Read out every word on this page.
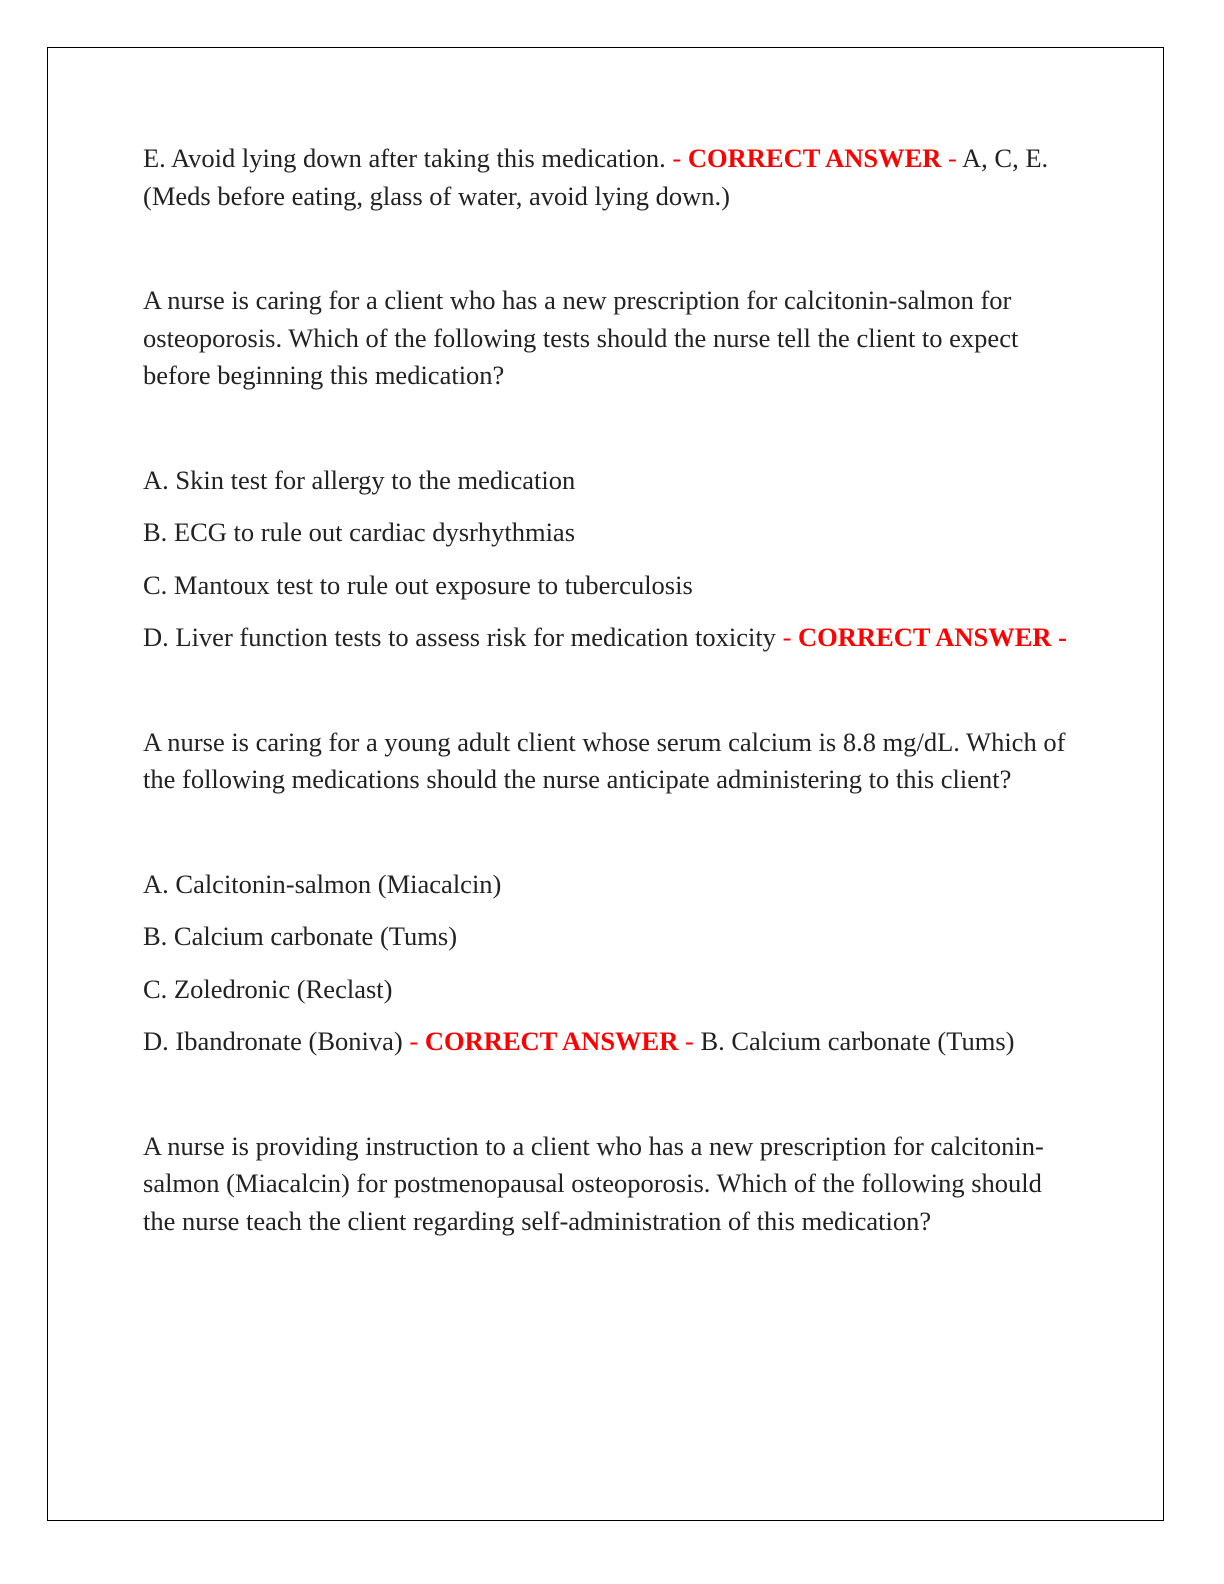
E. Avoid lying down after taking this medication. - CORRECT ANSWER - A, C, E. (Meds before eating, glass of water, avoid lying down.)

A nurse is caring for a client who has a new prescription for calcitonin-salmon for osteoporosis. Which of the following tests should the nurse tell the client to expect before beginning this medication?

A. Skin test for allergy to the medication

B. ECG to rule out cardiac dysrhythmias

C. Mantoux test to rule out exposure to tuberculosis

D. Liver function tests to assess risk for medication toxicity - CORRECT ANSWER -

A nurse is caring for a young adult client whose serum calcium is 8.8 mg/dL. Which of the following medications should the nurse anticipate administering to this client?

A. Calcitonin-salmon (Miacalcin)

B. Calcium carbonate (Tums)

C. Zoledronic (Reclast)

D. Ibandronate (Boniva) - CORRECT ANSWER - B. Calcium carbonate (Tums)

A nurse is providing instruction to a client who has a new prescription for calcitonin-salmon (Miacalcin) for postmenopausal osteoporosis. Which of the following should the nurse teach the client regarding self-administration of this medication?
